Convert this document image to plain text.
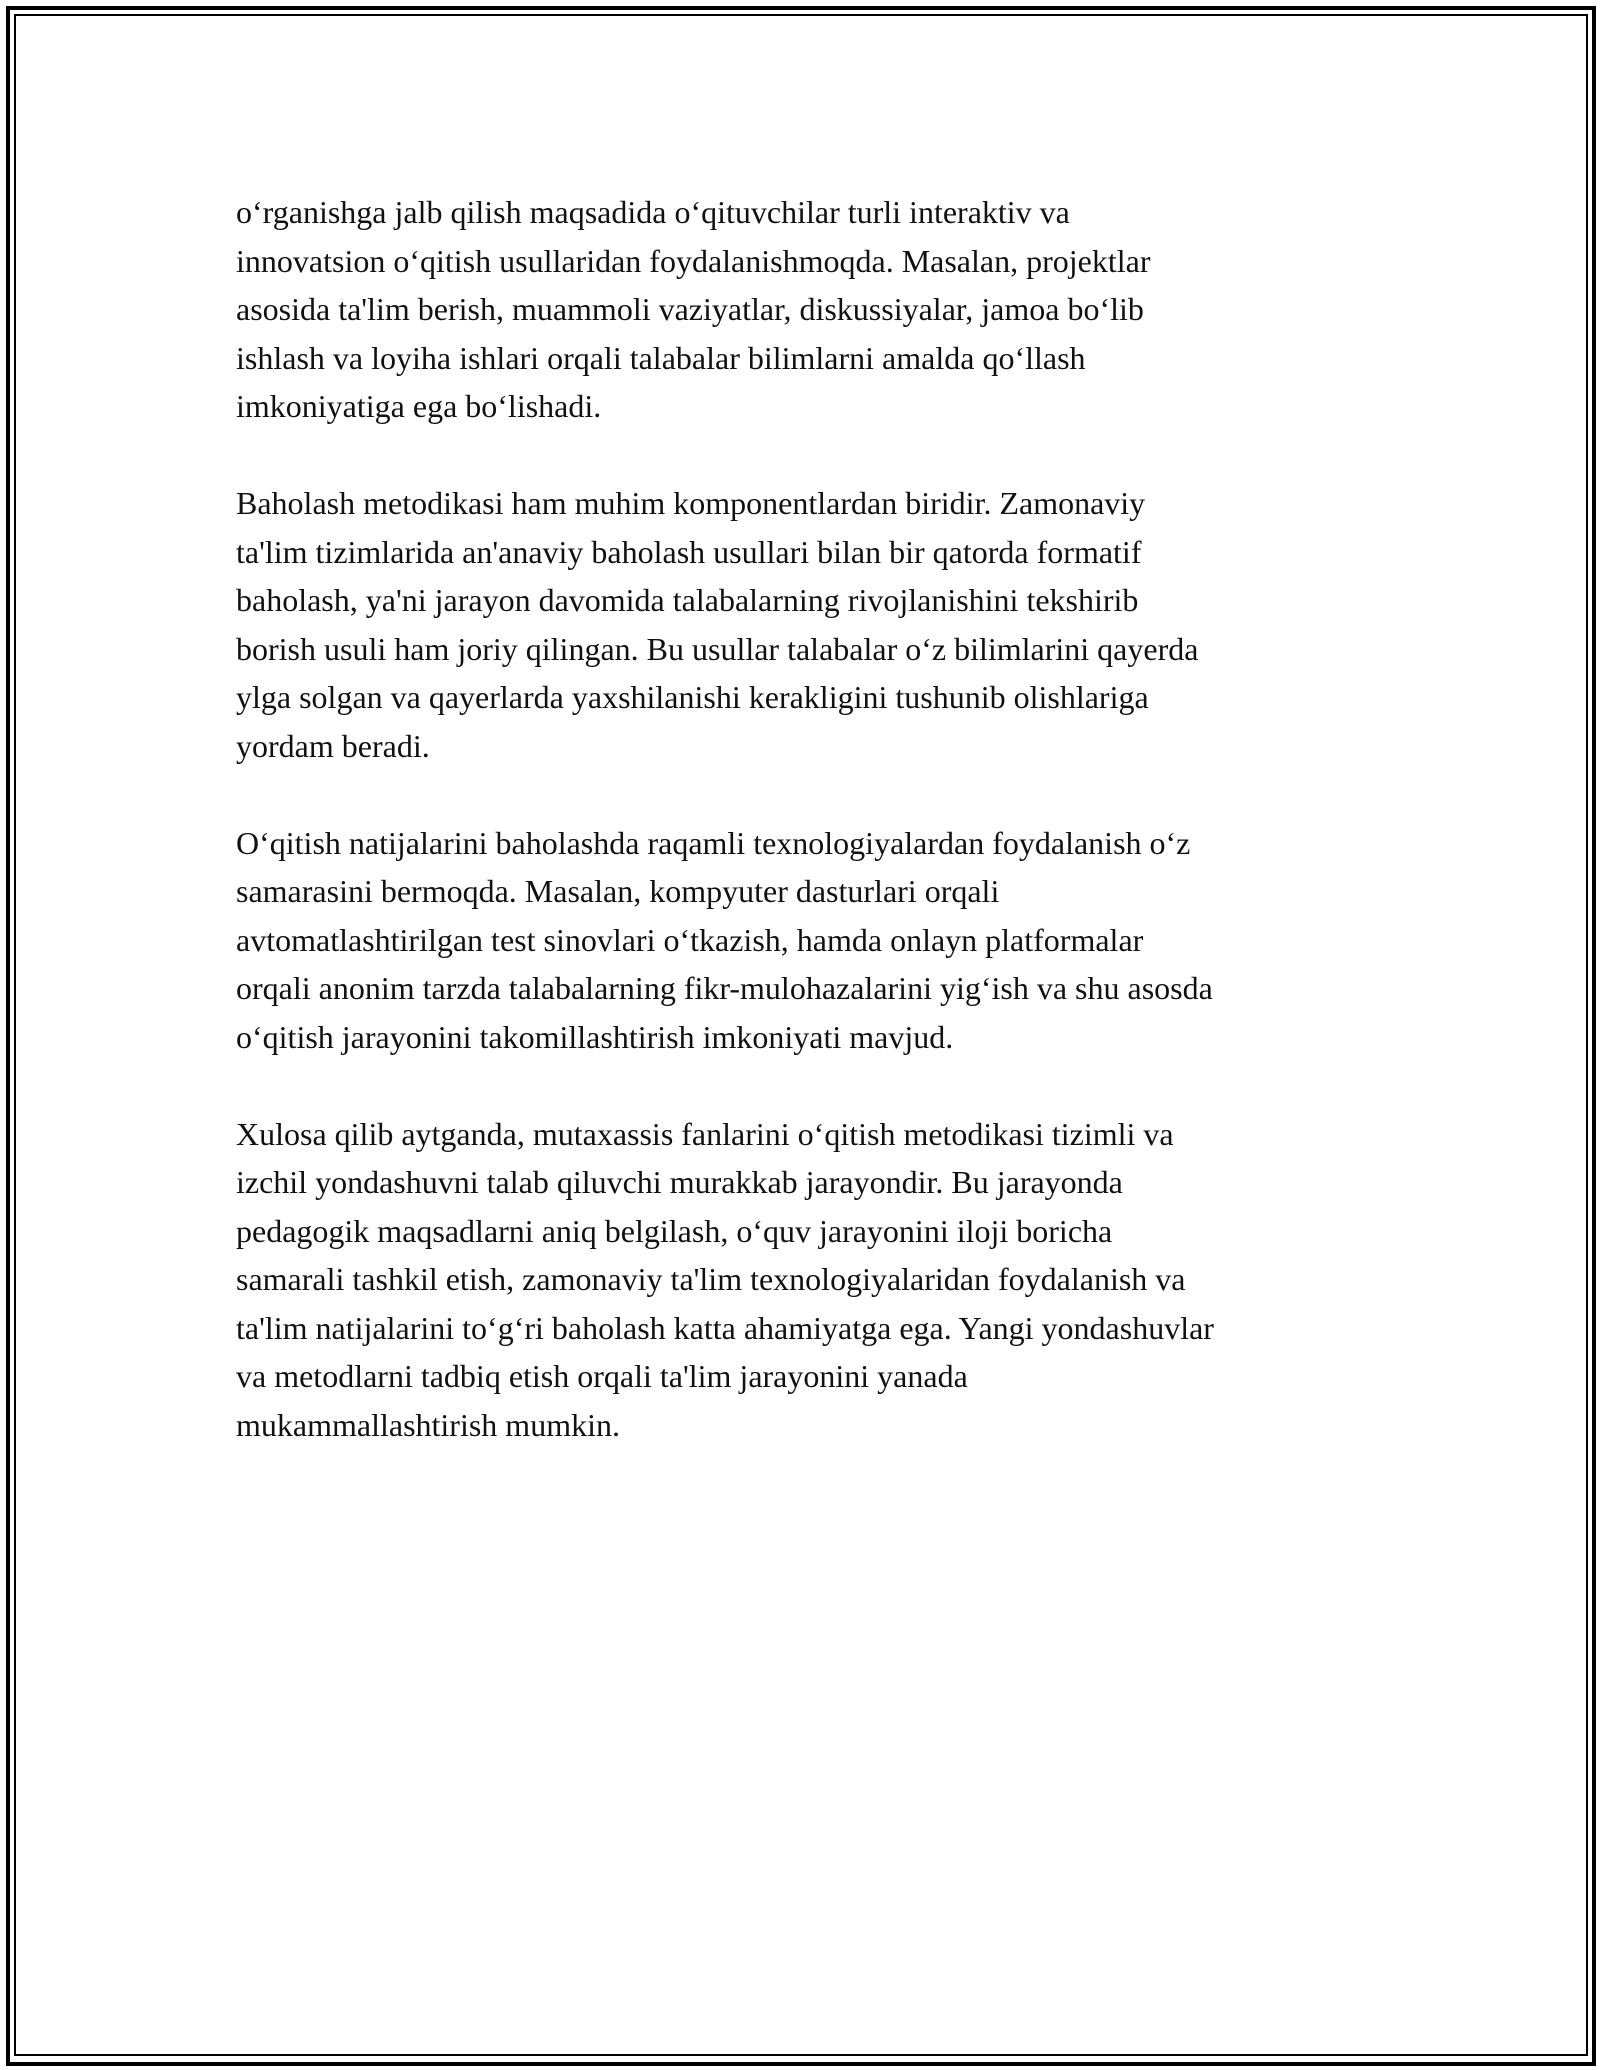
o‘rganishga jalb qilish maqsadida o‘qituvchilar turli interaktiv va
innovatsion o‘qitish usullaridan foydalanishmoqda. Masalan, projektlar
asosida ta'lim berish, muammoli vaziyatlar, diskussiyalar, jamoa bo‘lib
ishlash va loyiha ishlari orqali talabalar bilimlarni amalda qo‘llash
imkoniyatiga ega bo‘lishadi.
Baholash metodikasi ham muhim komponentlardan biridir. Zamonaviy
ta'lim tizimlarida an'anaviy baholash usullari bilan bir qatorda formatif
baholash, ya'ni jarayon davomida talabalarning rivojlanishini tekshirib
borish usuli ham joriy qilingan. Bu usullar talabalar o‘z bilimlarini qayerda
ylga solgan va qayerlarda yaxshilanishi kerakligini tushunib olishlariga
yordam beradi.
O‘qitish natijalarini baholashda raqamli texnologiyalardan foydalanish o‘z
samarasini bermoqda. Masalan, kompyuter dasturlari orqali
avtomatlashtirilgan test sinovlari o‘tkazish, hamda onlayn platformalar
orqali anonim tarzda talabalarning fikr-mulohazalarini yig‘ish va shu asosda
o‘qitish jarayonini takomillashtirish imkoniyati mavjud.
Xulosa qilib aytganda, mutaxassis fanlarini o‘qitish metodikasi tizimli va
izchil yondashuvni talab qiluvchi murakkab jarayondir. Bu jarayonda
pedagogik maqsadlarni aniq belgilash, o‘quv jarayonini iloji boricha
samarali tashkil etish, zamonaviy ta'lim texnologiyalaridan foydalanish va
ta'lim natijalarini to‘g‘ri baholash katta ahamiyatga ega. Yangi yondashuvlar
va metodlarni tadbiq etish orqali ta'lim jarayonini yanada
mukammallashtirish mumkin.
